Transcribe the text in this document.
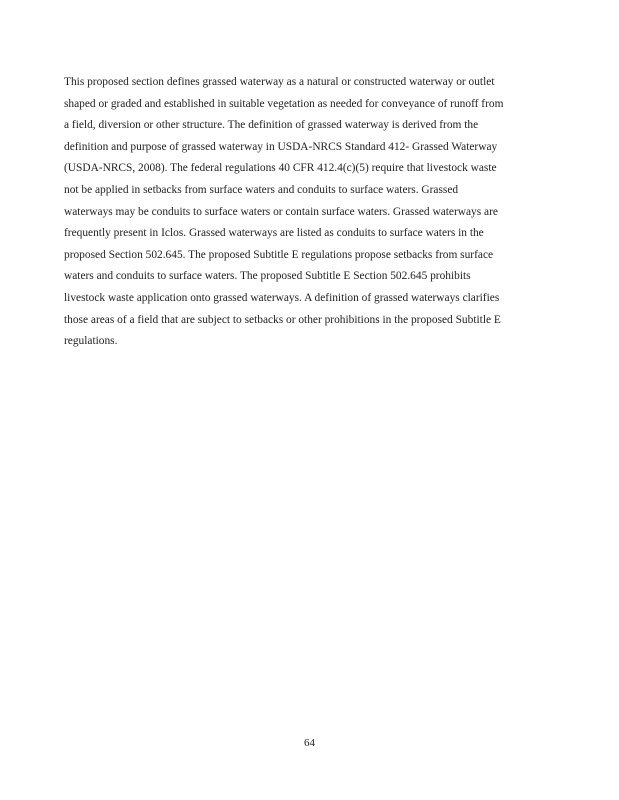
This proposed section defines grassed waterway as a natural or constructed waterway or outlet
shaped or graded and established in suitable vegetation as needed for conveyance of runoff from
a field, diversion or other structure. The definition of grassed waterway is derived from the
definition and purpose of grassed waterway in USDA-NRCS Standard 412- Grassed Waterway
(USDA-NRCS, 2008). The federal regulations 40 CFR 412.4(c)(5) require that livestock waste
not be applied in setbacks from surface waters and conduits to surface waters. Grassed
waterways may be conduits to surface waters or contain surface waters. Grassed waterways are
frequently present in Iclos. Grassed waterways are listed as conduits to surface waters in the
proposed Section 502.645. The proposed Subtitle E regulations propose setbacks from surface
waters and conduits to surface waters. The proposed Subtitle E Section 502.645 prohibits
livestock waste application onto grassed waterways. A definition of grassed waterways clarifies
those areas of a field that are subject to setbacks or other prohibitions in the proposed Subtitle E
regulations.
64
